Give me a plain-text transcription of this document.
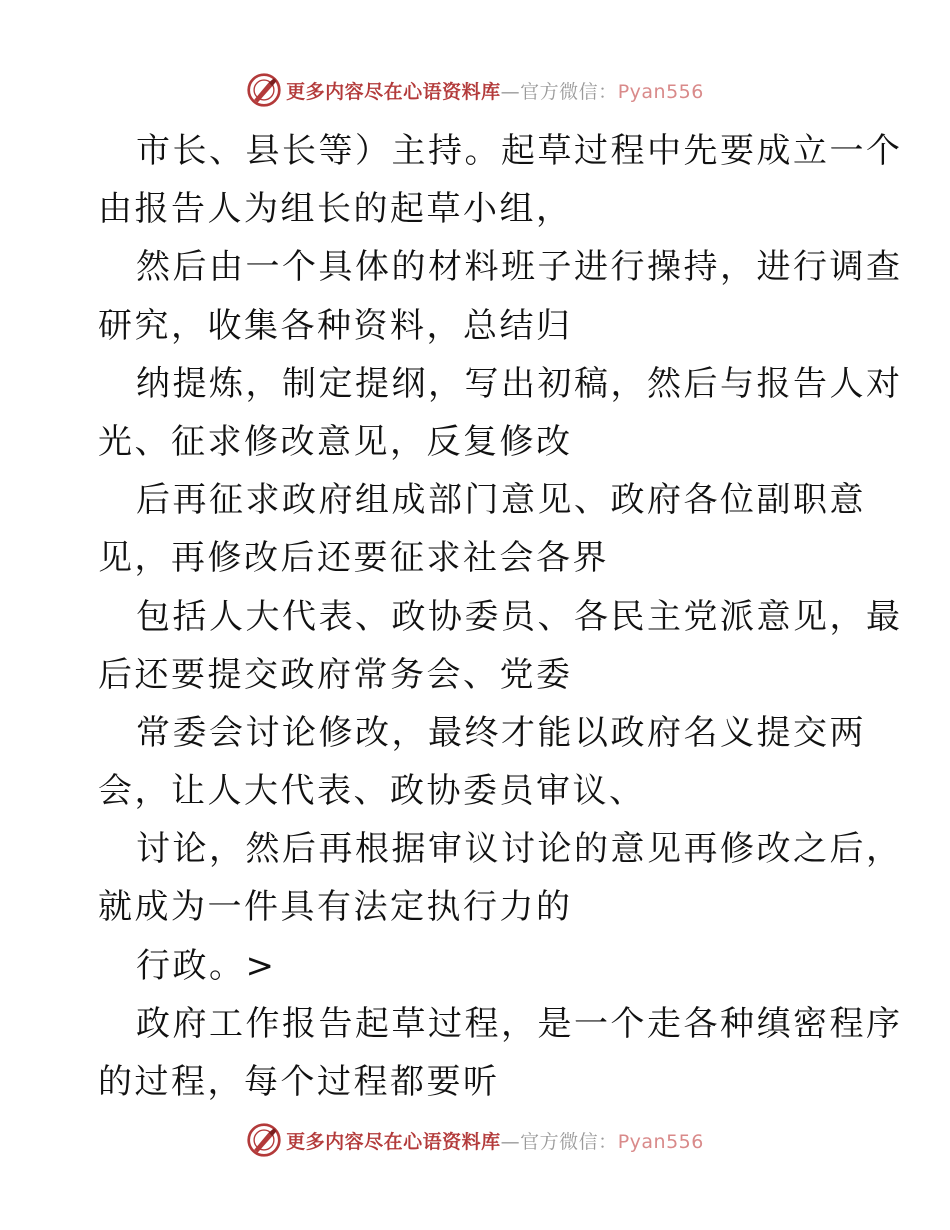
更多内容尽在心语资料库—官方微信：Pyan556
市长、县长等）主持。起草过程中先要成立一个
由报告人为组长的起草小组，
然后由一个具体的材料班子进行操持，进行调查
研究，收集各种资料，总结归
纳提炼，制定提纲，写出初稿，然后与报告人对
光、征求修改意见，反复修改
后再征求政府组成部门意见、政府各位副职意
见，再修改后还要征求社会各界
包括人大代表、政协委员、各民主党派意见，最
后还要提交政府常务会、党委
常委会讨论修改，最终才能以政府名义提交两
会，让人大代表、政协委员审议、
讨论，然后再根据审议讨论的意见再修改之后，
就成为一件具有法定执行力的
行政。>
政府工作报告起草过程，是一个走各种缜密程序
的过程，每个过程都要听
更多内容尽在心语资料库—官方微信：Pyan556
